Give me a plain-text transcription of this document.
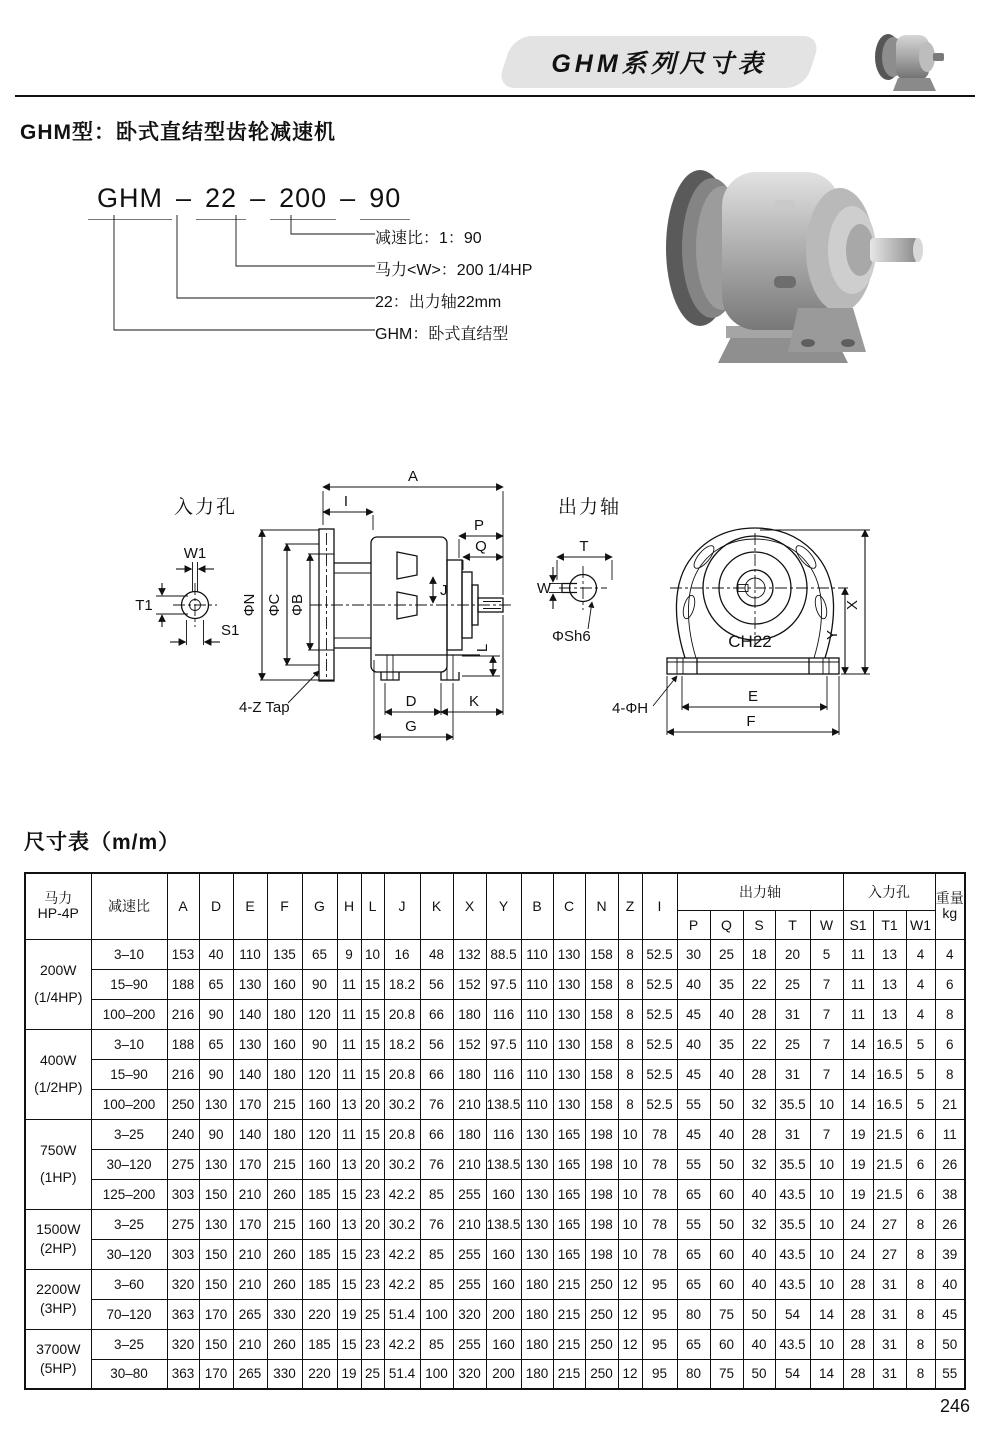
GHM系列尺寸表
GHM型：卧式直结型齿轮减速机
GHM – 22 – 200 – 90
减速比：1：90
马力<W>：200 1/4HP
22：出力轴22mm
GHM：卧式直结型
入力孔
W1
T1
S1
A
I
P
Q
J
ΦN ΦC ΦB
L
D	K
G
4-Z Tap
出力轴
T
W
ΦSh6	CH22
X
Y
E
F
4-ΦH
尺寸表（m/m）
马力
HP-4P	减速比	A	D	E	F	G	H	L	J	K	X	Y	B	C	N	Z	I	出力轴					入力孔			重量
kg
																		P	Q	S	T	W	S1	T1	W1	

200W
(1/4HP)	3–10	153	40	110	135	65	9	10	16	48	132	88.5	110	130	158	8	52.5	30	25	18	20	5	11	13	4	4
	15–90	188	65	130	160	90	11	15	18.2	56	152	97.5	110	130	158	8	52.5	40	35	22	25	7	11	13	4	6
	100–200	216	90	140	180	120	11	15	20.8	66	180	116	110	130	158	8	52.5	45	40	28	31	7	11	13	4	8

400W
(1/2HP)	3–10	188	65	130	160	90	11	15	18.2	56	152	97.5	110	130	158	8	52.5	40	35	22	25	7	14	16.5	5	6
	15–90	216	90	140	180	120	11	15	20.8	66	180	116	110	130	158	8	52.5	45	40	28	31	7	14	16.5	5	8
	100–200	250	130	170	215	160	13	20	30.2	76	210	138.5	110	130	158	8	52.5	55	50	32	35.5	10	14	16.5	5	21

750W
(1HP)	3–25	240	90	140	180	120	11	15	20.8	66	180	116	130	165	198	10	78	45	40	28	31	7	19	21.5	6	11
	30–120	275	130	170	215	160	13	20	30.2	76	210	138.5	130	165	198	10	78	55	50	32	35.5	10	19	21.5	6	26
	125–200	303	150	210	260	185	15	23	42.2	85	255	160	130	165	198	10	78	65	60	40	43.5	10	19	21.5	6	38

1500W
(2HP)	3–25	275	130	170	215	160	13	20	30.2	76	210	138.5	130	165	198	10	78	55	50	32	35.5	10	24	27	8	26
	30–120	303	150	210	260	185	15	23	42.2	85	255	160	130	165	198	10	78	65	60	40	43.5	10	24	27	8	39

2200W
(3HP)	3–60	320	150	210	260	185	15	23	42.2	85	255	160	180	215	250	12	95	65	60	40	43.5	10	28	31	8	40
	70–120	363	170	265	330	220	19	25	51.4	100	320	200	180	215	250	12	95	80	75	50	54	14	28	31	8	45

3700W
(5HP)	3–25	320	150	210	260	185	15	23	42.2	85	255	160	180	215	250	12	95	65	60	40	43.5	10	28	31	8	50
	30–80	363	170	265	330	220	19	25	51.4	100	320	200	180	215	250	12	95	80	75	50	54	14	28	31	8	55
246
